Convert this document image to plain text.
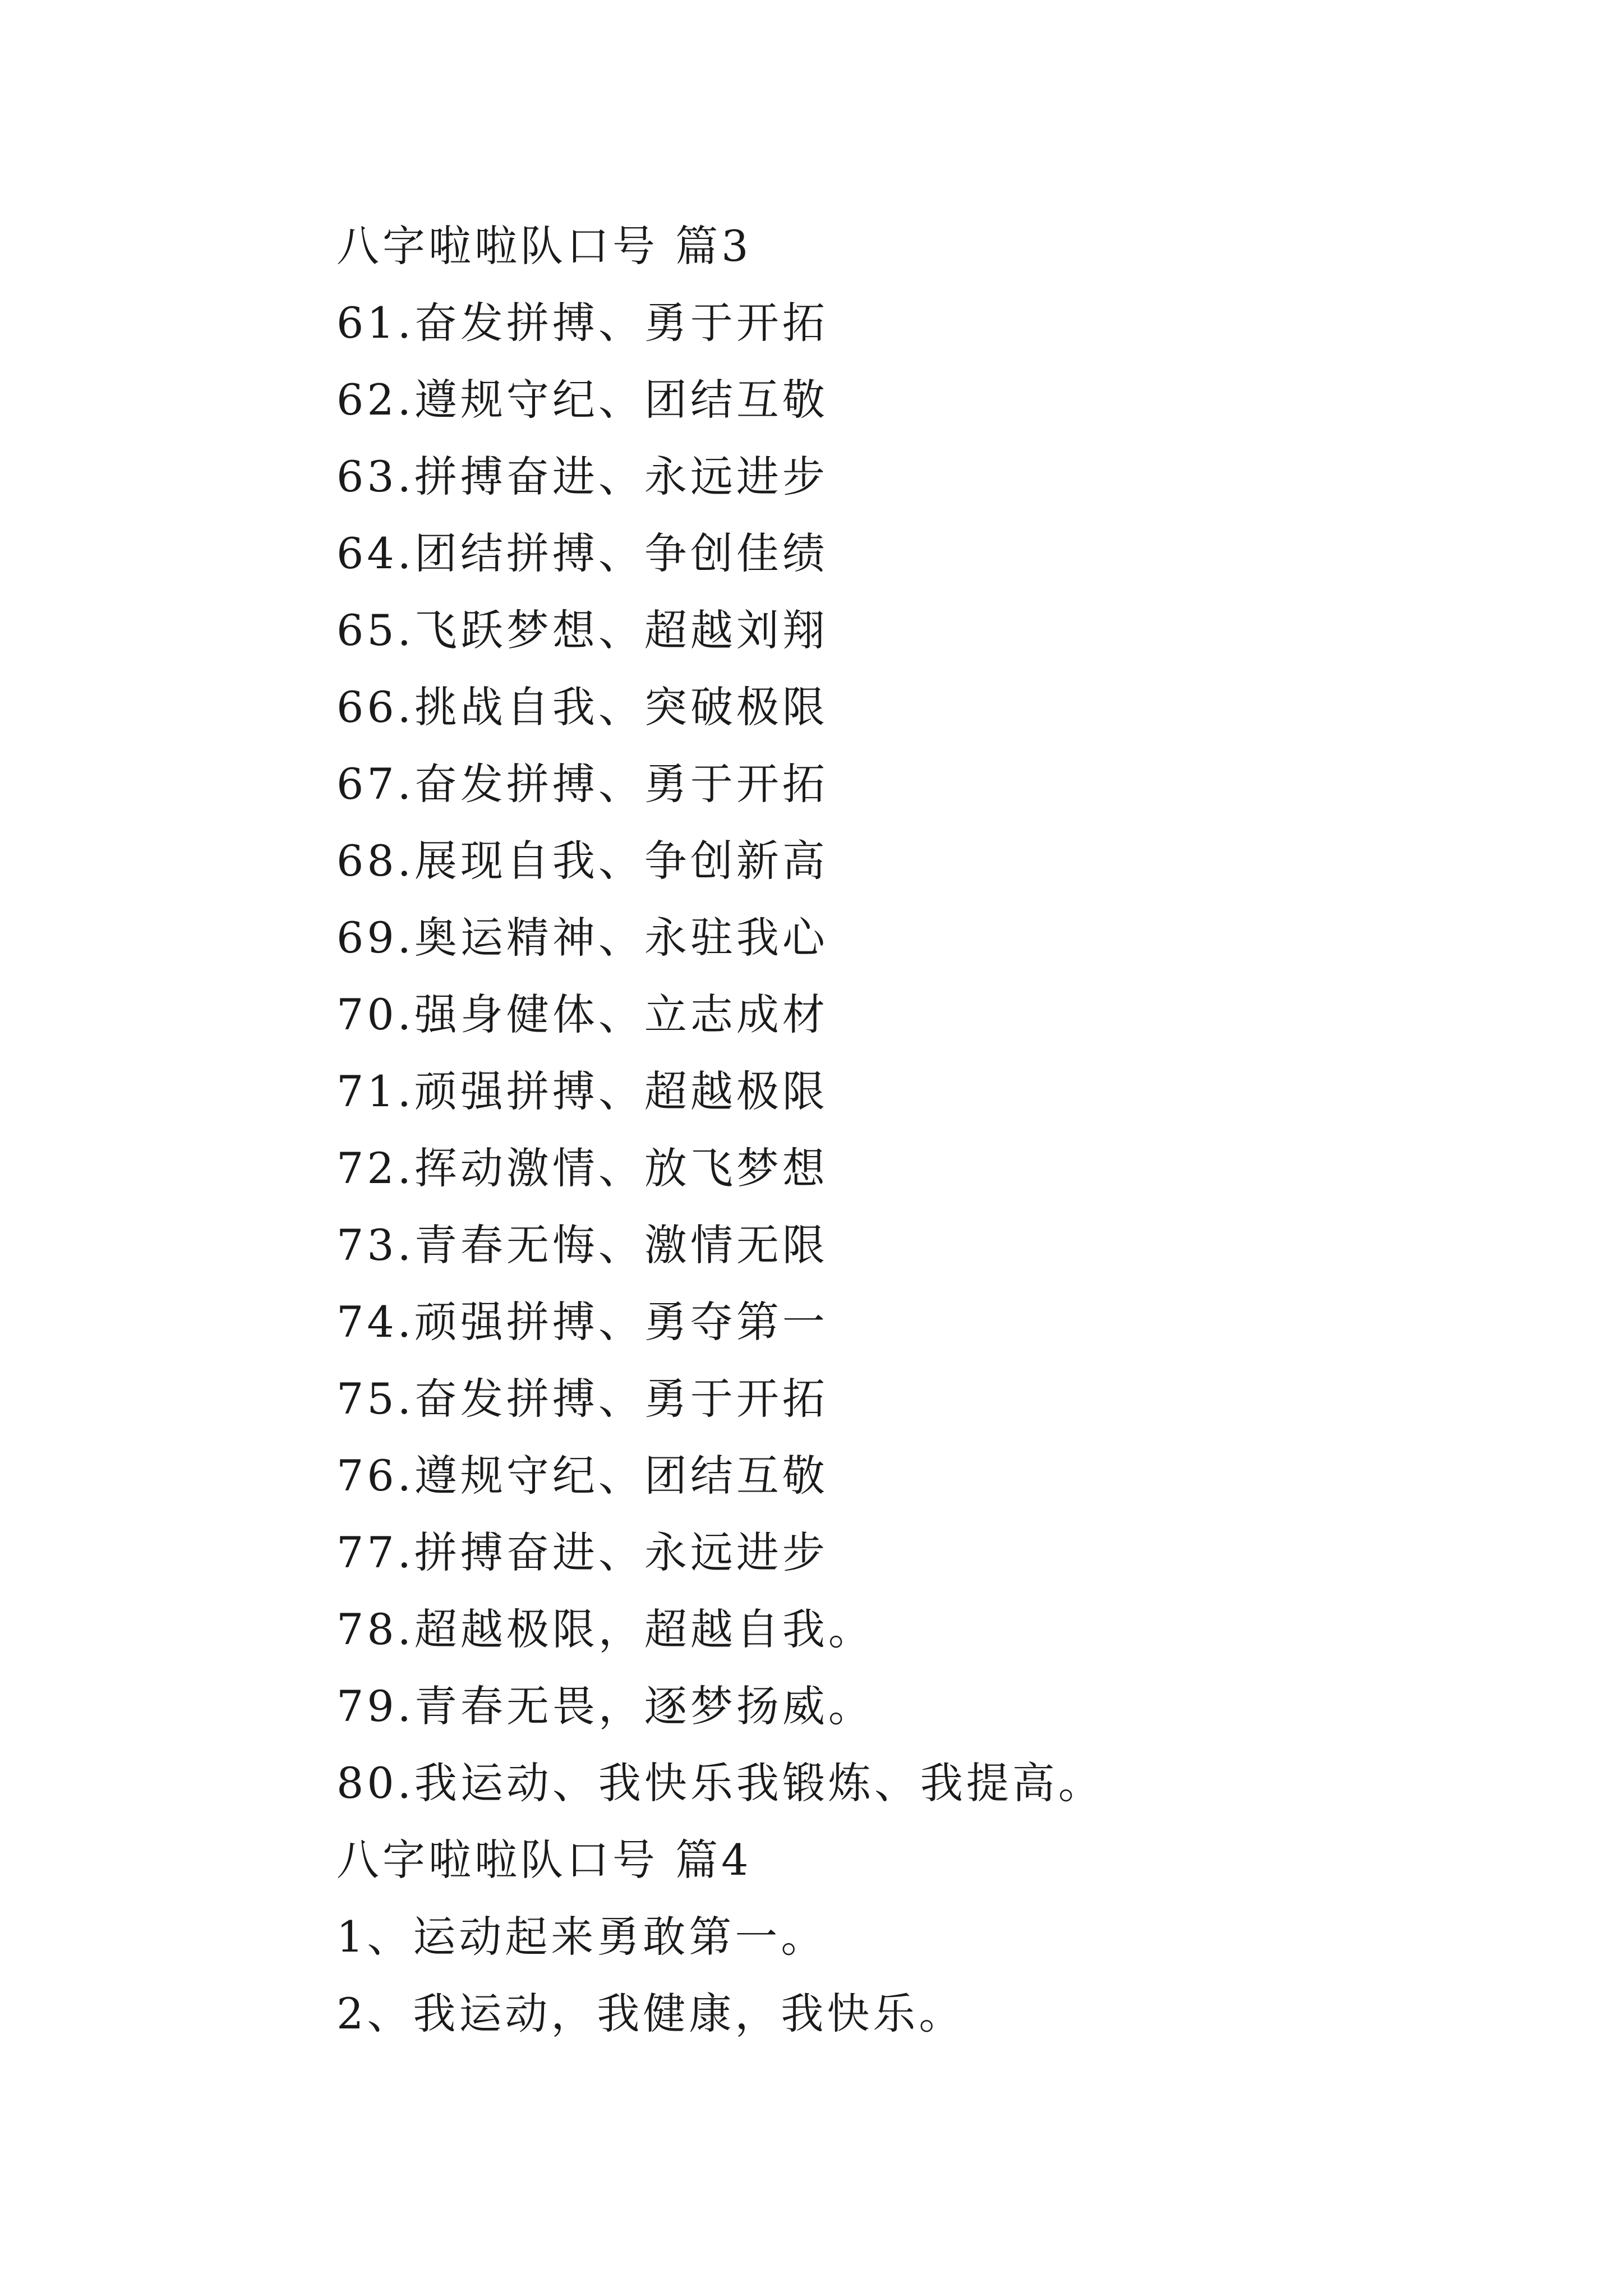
八字啦啦队口号 篇3
61.奋发拼搏、勇于开拓
62.遵规守纪、团结互敬
63.拼搏奋进、永远进步
64.团结拼搏、争创佳绩
65.飞跃梦想、超越刘翔
66.挑战自我、突破极限
67.奋发拼搏、勇于开拓
68.展现自我、争创新高
69.奥运精神、永驻我心
70.强身健体、立志成材
71.顽强拼搏、超越极限
72.挥动激情、放飞梦想
73.青春无悔、激情无限
74.顽强拼搏、勇夺第一
75.奋发拼搏、勇于开拓
76.遵规守纪、团结互敬
77.拼搏奋进、永远进步
78.超越极限，超越自我。
79.青春无畏，逐梦扬威。
80.我运动、我快乐我锻炼、我提高。
八字啦啦队口号 篇4
1、运动起来勇敢第一。
2、我运动，我健康，我快乐。
